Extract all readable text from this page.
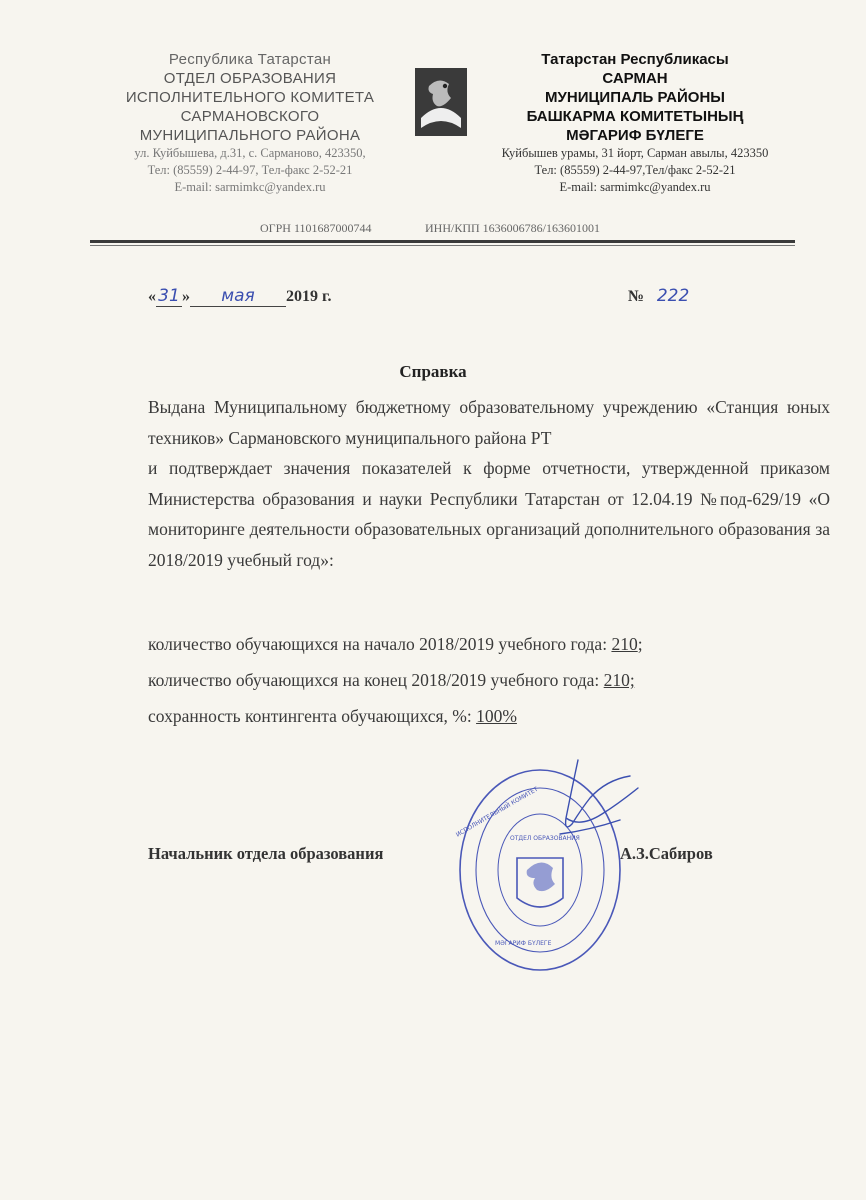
Республика Татарстан
ОТДЕЛ ОБРАЗОВАНИЯ
ИСПОЛНИТЕЛЬНОГО КОМИТЕТА
САРМАНОВСКОГО
МУНИЦИПАЛЬНОГО РАЙОНА
ул. Куйбышева, д.31, с. Сарманово, 423350,
Тел: (85559) 2-44-97, Тел-факс 2-52-21
E-mail: sarmimkc@yandex.ru
Татарстан Республикасы
САРМАН
МУНИЦИПАЛЬ РАЙОНЫ
БАШКАРМА КОМИТЕТЫНЫҢ
МӘГАРИФ БҮЛЕГЕ
Куйбышев урамы, 31 йорт, Сарман авылы, 423350
Тел: (85559) 2-44-97,Тел/факс 2-52-21
E-mail: sarmimkc@yandex.ru
ОГРН 1101687000744	ИНН/КПП 1636006786/163601001
« 31 » мая 2019 г.	№ 222
Справка

Выдана Муниципальному бюджетному образовательному учреждению «Станция юных техников» Сармановского муниципального района РТ

и подтверждает значения показателей к форме отчетности, утвержденной приказом Министерства образования и науки Республики Татарстан от 12.04.19 №под-629/19 «О мониторинге деятельности образовательных организаций дополнительного образования за 2018/2019 учебный год»:

количество обучающихся на начало 2018/2019 учебного года: 210;
количество обучающихся на конец 2018/2019 учебного года: 210;
сохранность контингента обучающихся, %: 100%
ИСПОЛНИТЕЛЬНЫЙ КОМИТЕТ
МӘГАРИФ БҮЛЕГЕ
ОТДЕЛ ОБРАЗОВАНИЯ
Начальник отдела образования	А.З.Сабиров
